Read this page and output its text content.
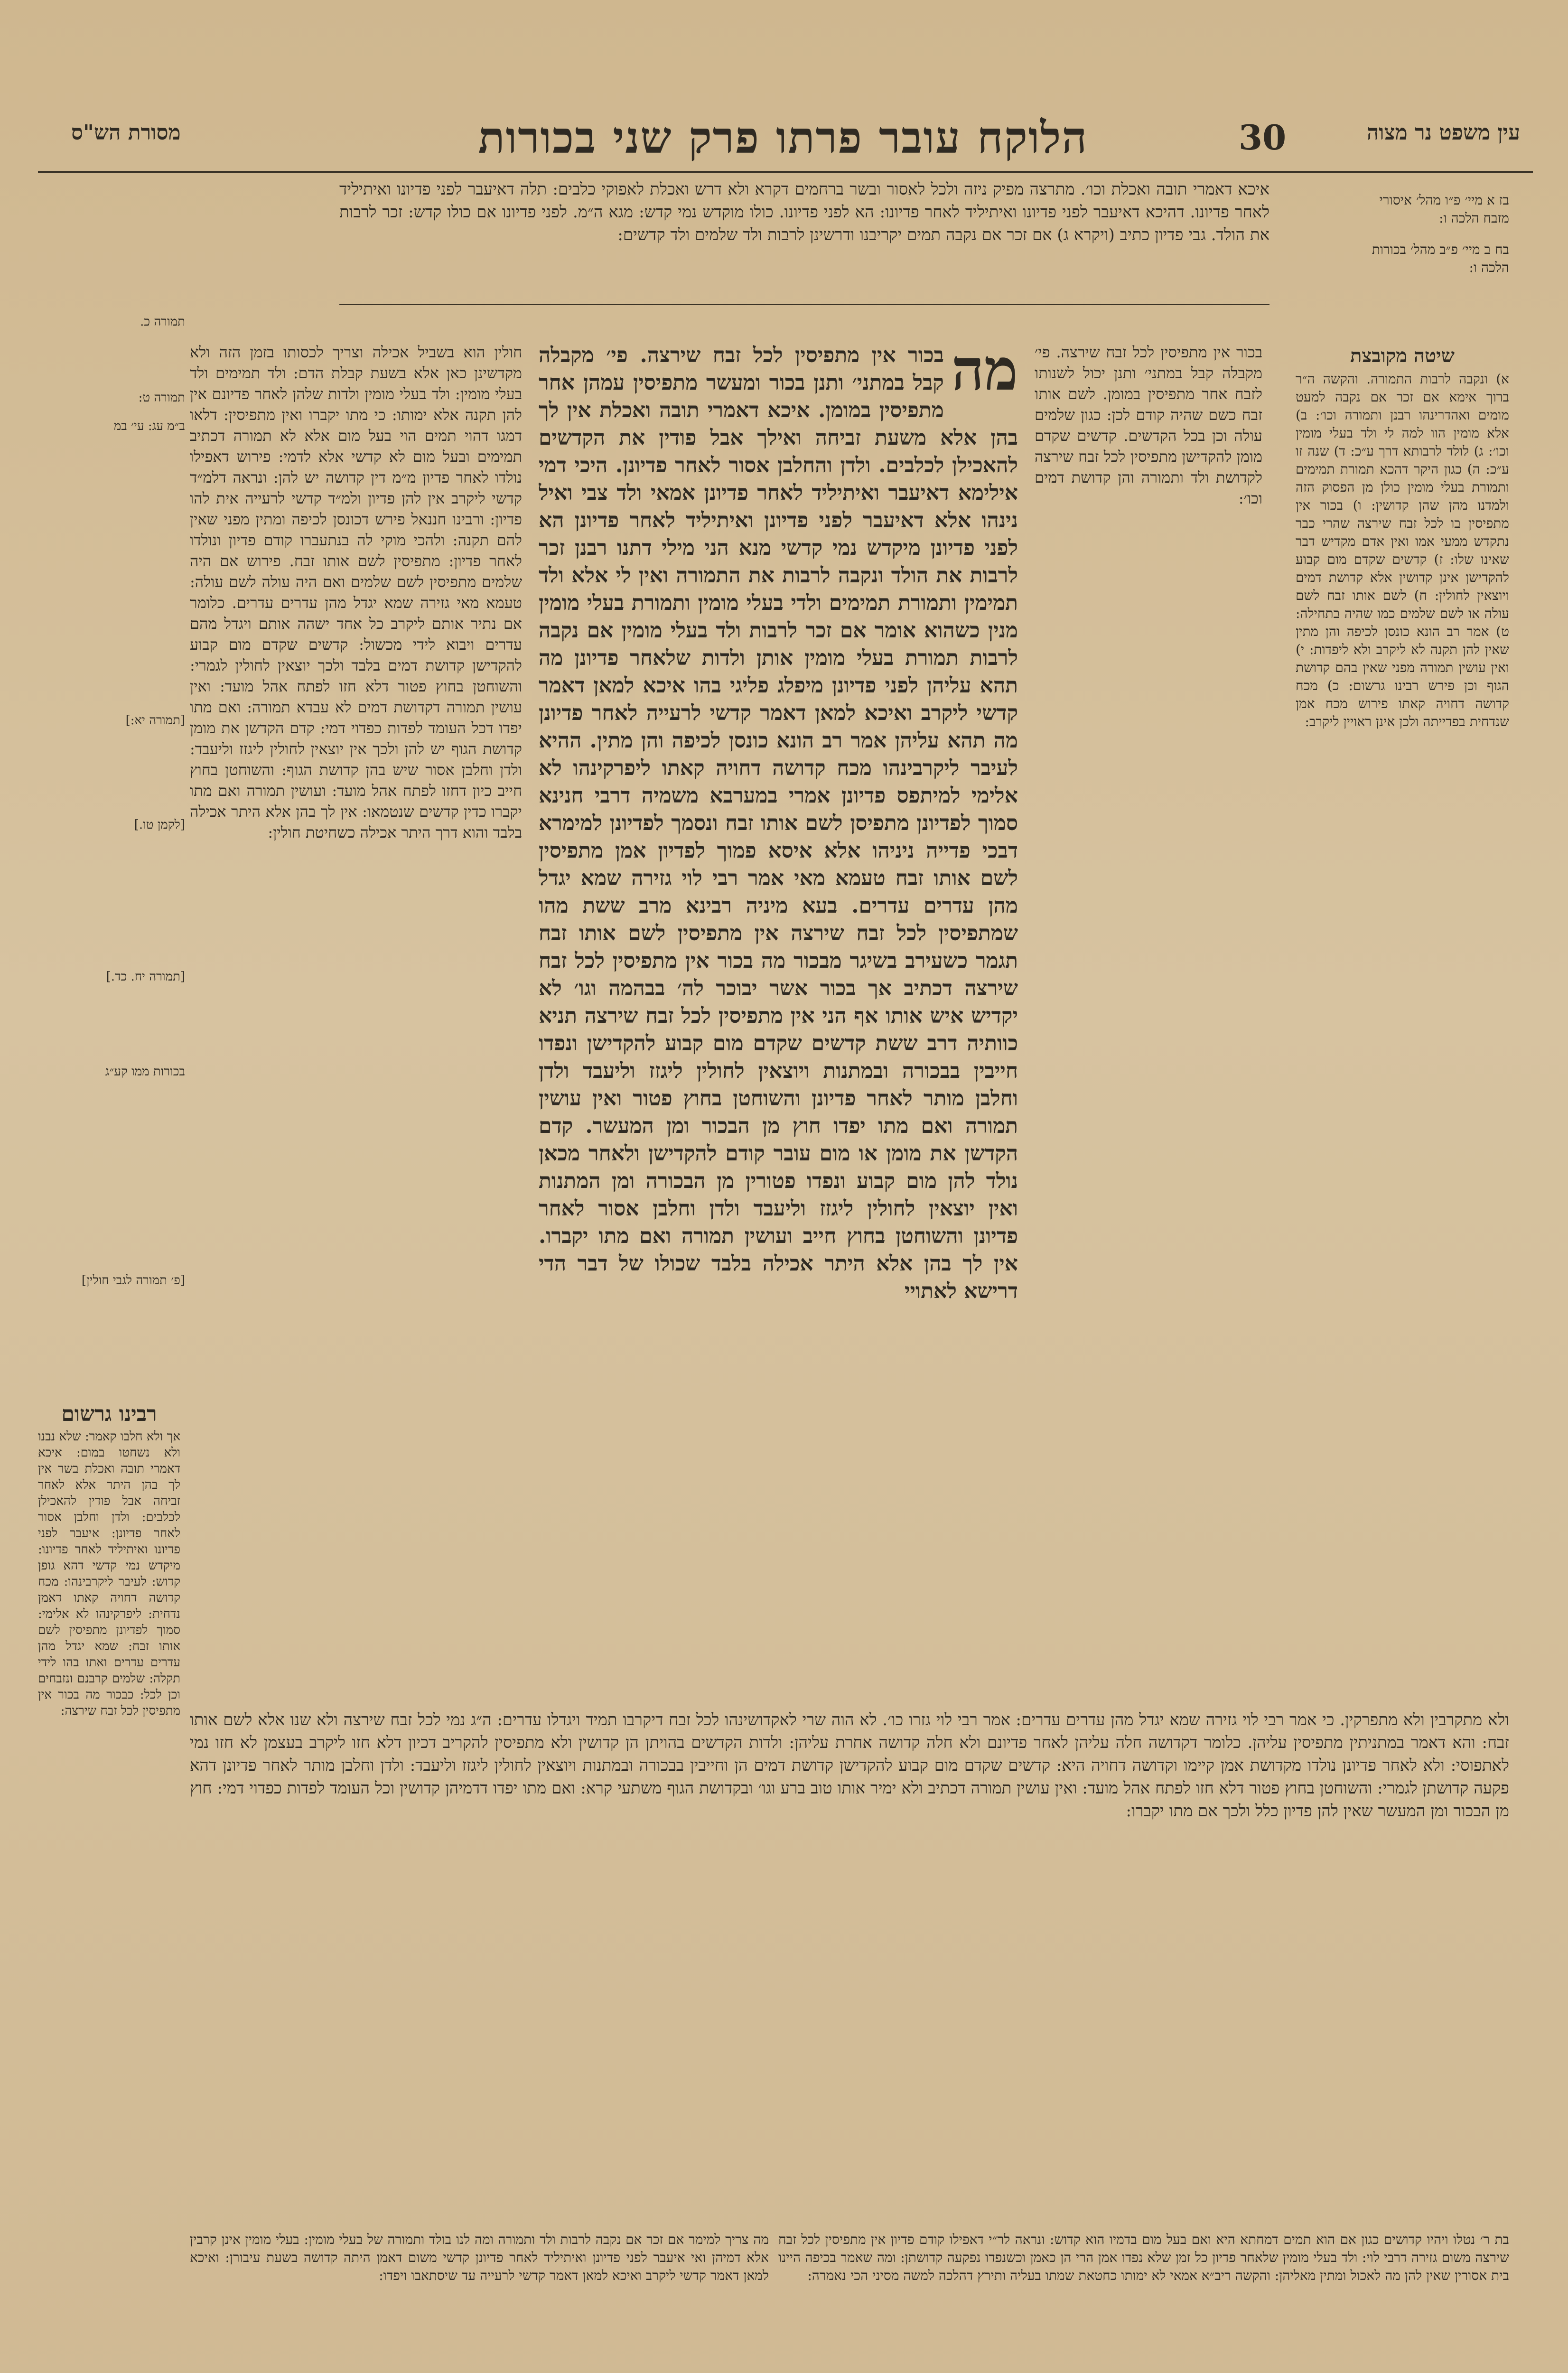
עין משפט נר מצוה
30
הלוקח עובר פרתו פרק שני בכורות
מסורת הש"ס

בז א מיי׳ פ״ו מהל׳ איסורי מזבח הלכה ו:

בח ב מיי׳ פ״ב מהל׳ בכורות הלכה ו:

איכא דאמרי תובה ואכלת וכו׳. מתרצה מפיק ניזה ולכל לאסור ובשר ברחמים דקרא ולא דרש ואכלת לאפוקי כלבים: תלה דאיעבר לפני פדיונו ואיתיליד לאחר פדיונו. דהיכא דאיעבר לפני פדיונו ואיתיליד לאחר פדיונו: הא לפני פדיונו. כולו מוקדש נמי קדש: מגא ה״מ. לפני פדיונו אם כולו קדש: זכר לרבות את הולד. גבי פדיון כתיב (ויקרא ג) אם זכר אם נקבה תמים יקריבנו ודרשינן לרבות ולד שלמים ולד קדשים:

מה

בכור אין מתפיסין לכל זבח שירצה. פי׳ מקבלה קבל במתני׳ ותנן בכור ומעשר מתפיסין עמהן אחר מתפיסין במומן. איכא דאמרי תובה ואכלת אין לך בהן אלא משעת זביחה ואילך אבל פודין את הקדשים להאכילן לכלבים. ולדן והחלבן אסור לאחר פדיונן. היכי דמי אילימא דאיעבר ואיתיליד לאחר פדיונן אמאי ולד צבי ואיל נינהו אלא דאיעבר לפני פדיונן ואיתיליד לאחר פדיונן הא לפני פדיונן מיקדש נמי קדשי מנא הני מילי דתנו רבנן זכר לרבות את הולד ונקבה לרבות את התמורה ואין לי אלא ולד תמימין ותמורת תמימים ולדי בעלי מומין ותמורת בעלי מומין מנין כשהוא אומר אם זכר לרבות ולד בעלי מומין אם נקבה לרבות תמורת בעלי מומין אותן ולדות שלאחר פדיונן מה תהא עליהן לפני פדיונן מיפלג פליגי בהו איכא למאן דאמר קדשי ליקרב ואיכא למאן דאמר קדשי לרעייה לאחר פדיונן מה תהא עליהן אמר רב הונא כונסן לכיפה והן מתין. ההיא לעיבר ליקרבינהו מכח קדושה דחויה קאתו ליפרקינהו לא אלימי למיתפס פדיונן אמרי במערבא משמיה דרבי חנינא סמוך לפדיונן מתפיסן לשם אותו זבח ונסמך לפדיונן למימרא דבכי פדייה ניניהו אלא איסא פמוך לפדיון אמן מתפיסין לשם אותו זבח טעמא מאי אמר רבי לוי גזירה שמא יגדל מהן עדרים עדרים. בעא מיניה רבינא מרב ששת מהו שמתפיסין לכל זבח שירצה אין מתפיסין לשם אותו זבח תגמר כשעירב בשיגר מבכור מה בכור אין מתפיסין לכל זבח שירצה דכתיב אך בכור אשר יבוכר לה׳ בבהמה וגו׳ לא יקדיש איש אותו אף הני אין מתפיסין לכל זבח שירצה תניא כוותיה דרב ששת קדשים שקדם מום קבוע להקדישן ונפדו חייבין בבכורה ובמתנות ויוצאין לחולין ליגזז וליעבד ולדן וחלבן מותר לאחר פדיונן והשוחטן בחוץ פטור ואין עושין תמורה ואם מתו יפדו חוץ מן הבכור ומן המעשר. קדם הקדשן את מומן או מום עובר קודם להקדישן ולאחר מכאן נולד להן מום קבוע ונפדו פטורין מן הבכורה ומן המתנות ואין יוצאין לחולין ליגזז וליעבד ולדן וחלבן אסור לאחר פדיונן והשוחטן בחוץ חייב ועושין תמורה ואם מתו יקברו. אין לך בהן אלא היתר אכילה בלבד שכולו של דבר הדי דרישא לאתויי

בכור אין מתפיסין לכל זבח שירצה. פי׳ מקבלה קבל במתני׳ ותנן יכול לשנותו לזבח אחר מתפיסין במומן. לשם אותו זבח כשם שהיה קודם לכן: כגון שלמים עולה וכן בכל הקדשים. קדשים שקדם מומן להקדישן מתפיסין לכל זבח שירצה לקדושת ולד ותמורה והן קדושת דמים וכו׳:

חולין הוא בשביל אכילה וצריך לכסותו בזמן הזה ולא מקדשינן כאן אלא בשעת קבלת הדם: ולד תמימים ולד בעלי מומין: ולד בעלי מומין ולדות שלהן לאחר פדיונם אין להן תקנה אלא ימותו: כי מתו יקברו ואין מתפיסין: דלאו דמגו דהוי תמים הוי בעל מום אלא לא תמורה דכתיב תמימים ובעל מום לא קדשי אלא לדמי: פירוש דאפילו נולדו לאחר פדיון מ״מ דין קדושה יש להן: ונראה דלמ״ד קדשי ליקרב אין להן פדיון ולמ״ד קדשי לרעייה אית להו פדיון: ורבינו חננאל פירש דכונסן לכיפה ומתין מפני שאין להם תקנה: ולהכי מוקי לה בנתעברו קודם פדיון ונולדו לאחר פדיון: מתפיסין לשם אותו זבח. פירוש אם היה שלמים מתפיסין לשם שלמים ואם היה עולה לשם עולה: טעמא מאי גזירה שמא יגדל מהן עדרים עדרים. כלומר אם נתיר אותם ליקרב כל אחד ישהה אותם ויגדל מהם עדרים ויבוא לידי מכשול: קדשים שקדם מום קבוע להקדישן קדושת דמים בלבד ולכך יוצאין לחולין לגמרי: והשוחטן בחוץ פטור דלא חזו לפתח אהל מועד: ואין עושין תמורה דקדושת דמים לא עבדא תמורה: ואם מתו יפדו דכל העומד לפדות כפדוי דמי: קדם הקדשן את מומן קדושת הגוף יש להן ולכך אין יוצאין לחולין ליגזז וליעבד: ולדן וחלבן אסור שיש בהן קדושת הגוף: והשוחטן בחוץ חייב כיון דחזו לפתח אהל מועד: ועושין תמורה ואם מתו יקברו כדין קדשים שנטמאו: אין לך בהן אלא היתר אכילה בלבד והוא דרך היתר אכילה כשחיטת חולין:

שיטה מקובצת

א) ונקבה לרבות התמורה. והקשה ה״ר ברוך אימא אם זכר אם נקבה למעט מומים ואהדרינהו רבנן ותמורה וכו׳: ב) אלא מומין הוו למה לי ולד בעלי מומין וכו׳: ג) לולד לרבותא דרך ע״כ: ד) שנה זו ע״כ: ה) כגון היקר דהכא תמורת תמימים ותמורת בעלי מומין כולן מן הפסוק הזה ולמדנו מהן שהן קדושין: ו) בכור אין מתפיסין בו לכל זבח שירצה שהרי כבר נתקדש ממעי אמו ואין אדם מקדיש דבר שאינו שלו: ז) קדשים שקדם מום קבוע להקדישן אינן קדושין אלא קדושת דמים ויוצאין לחולין: ח) לשם אותו זבח לשם עולה או לשם שלמים כמו שהיה בתחילה: ט) אמר רב הונא כונסן לכיפה והן מתין שאין להן תקנה לא ליקרב ולא ליפדות: י) ואין עושין תמורה מפני שאין בהם קדושת הגוף וכן פירש רבינו גרשום: כ) מכח קדושה דחויה קאתו פירוש מכח אמן שנדחית בפדייתה ולכן אינן ראויין ליקרב:

תמורה כ.
תמורה ט:
ב״מ עג: עי׳ במ
[תמורה יא:]
[לקמן טו.]
[תמורה יח. כד.]
בכורות ממו קע״ג
[פ׳ תמורה לגבי חולין]
רבינו גרשום

אך ולא חלבו קאמר: שלא נבנו ולא נשחטו במום: איכא דאמרי תובה ואכלת בשר אין לך בהן היתר אלא לאחר זביחה אבל פודין להאכילן לכלבים: ולדן וחלבן אסור לאחר פדיונן: איעבר לפני פדיונו ואיתיליד לאחר פדיונו: מיקדש נמי קדשי דהא גופן קדוש: לעיבר ליקרבינהו: מכח קדושה דחויה קאתו דאמן נדחית: ליפרקינהו לא אלימי: סמוך לפדיונן מתפיסין לשם אותו זבח: שמא יגדל מהן עדרים עדרים ואתו בהו לידי תקלה: שלמים קרבנם ונזבחים וכן לכל: כבכור מה בכור אין מתפיסין לכל זבח שירצה: ולא מתקרבין ולא מתפרקין. כי אמר רבי לוי גזירה שמא יגדל מהן עדרים עדרים: אמר רבי לוי גזרו כו׳. לא הוה שרי לאקדושינהו לכל זבח דיקרבו תמיד ויגדלו עדרים: ה״ג נמי לכל זבח שירצה ולא שנו אלא לשם אותו זבח: והא דאמר במתניתין מתפיסין עליהן. כלומר דקדושה חלה עליהן לאחר פדיונם ולא חלה קדושה אחרת עליהן: ולדות הקדשים בהויתן הן קדושין ולא מתפיסין להקריב דכיון דלא חזו ליקרב בעצמן לא חזו נמי לאתפוסי: ולא לאחר פדיונן נולדו מקדושת אמן קיימו וקדושה דחויה היא: קדשים שקדם מום קבוע להקדישן קדושת דמים הן וחייבין בבכורה ובמתנות ויוצאין לחולין ליגזז וליעבד: ולדן וחלבן מותר לאחר פדיונן דהא פקעה קדושתן לגמרי: והשוחטן בחוץ פטור דלא חזו לפתח אהל מועד: ואין עושין תמורה דכתיב ולא ימיר אותו טוב ברע וגו׳ ובקדושת הגוף משתעי קרא: ואם מתו יפדו דדמיהן קדושין וכל העומד לפדות כפדוי דמי: חוץ מן הבכור ומן המעשר שאין להן פדיון כלל ולכך אם מתו יקברו:

בת ר׳ נטלו ויהיו קדושים כגון אם הוא תמים דמחתא היא ואם בעל מום בדמיו הוא קדוש: ונראה לר״י דאפילו קודם פדיון אין מתפיסין לכל זבח שירצה משום גזירה דרבי לוי: ולד בעלי מומין שלאחר פדיון כל זמן שלא נפדו אמן הרי הן כאמן וכשנפדו נפקעה קדושתן: ומה שאמר בכיפה היינו בית אסורין שאין להן מה לאכול ומתין מאליהן: והקשה ריב״א אמאי לא ימותו כחטאת שמתו בעליה ותירץ דהלכה למשה מסיני הכי נאמרה:

מה צריך למימר אם זכר אם נקבה לרבות ולד ותמורה ומה לנו בולד ותמורה של בעלי מומין: בעלי מומין אינן קרבין אלא דמיהן ואי איעבר לפני פדיונן ואיתיליד לאחר פדיונן קדשי משום דאמן היתה קדושה בשעת עיבורן: ואיכא למאן דאמר קדשי ליקרב ואיכא למאן דאמר קדשי לרעייה עד שיסתאבו ויפדו:
